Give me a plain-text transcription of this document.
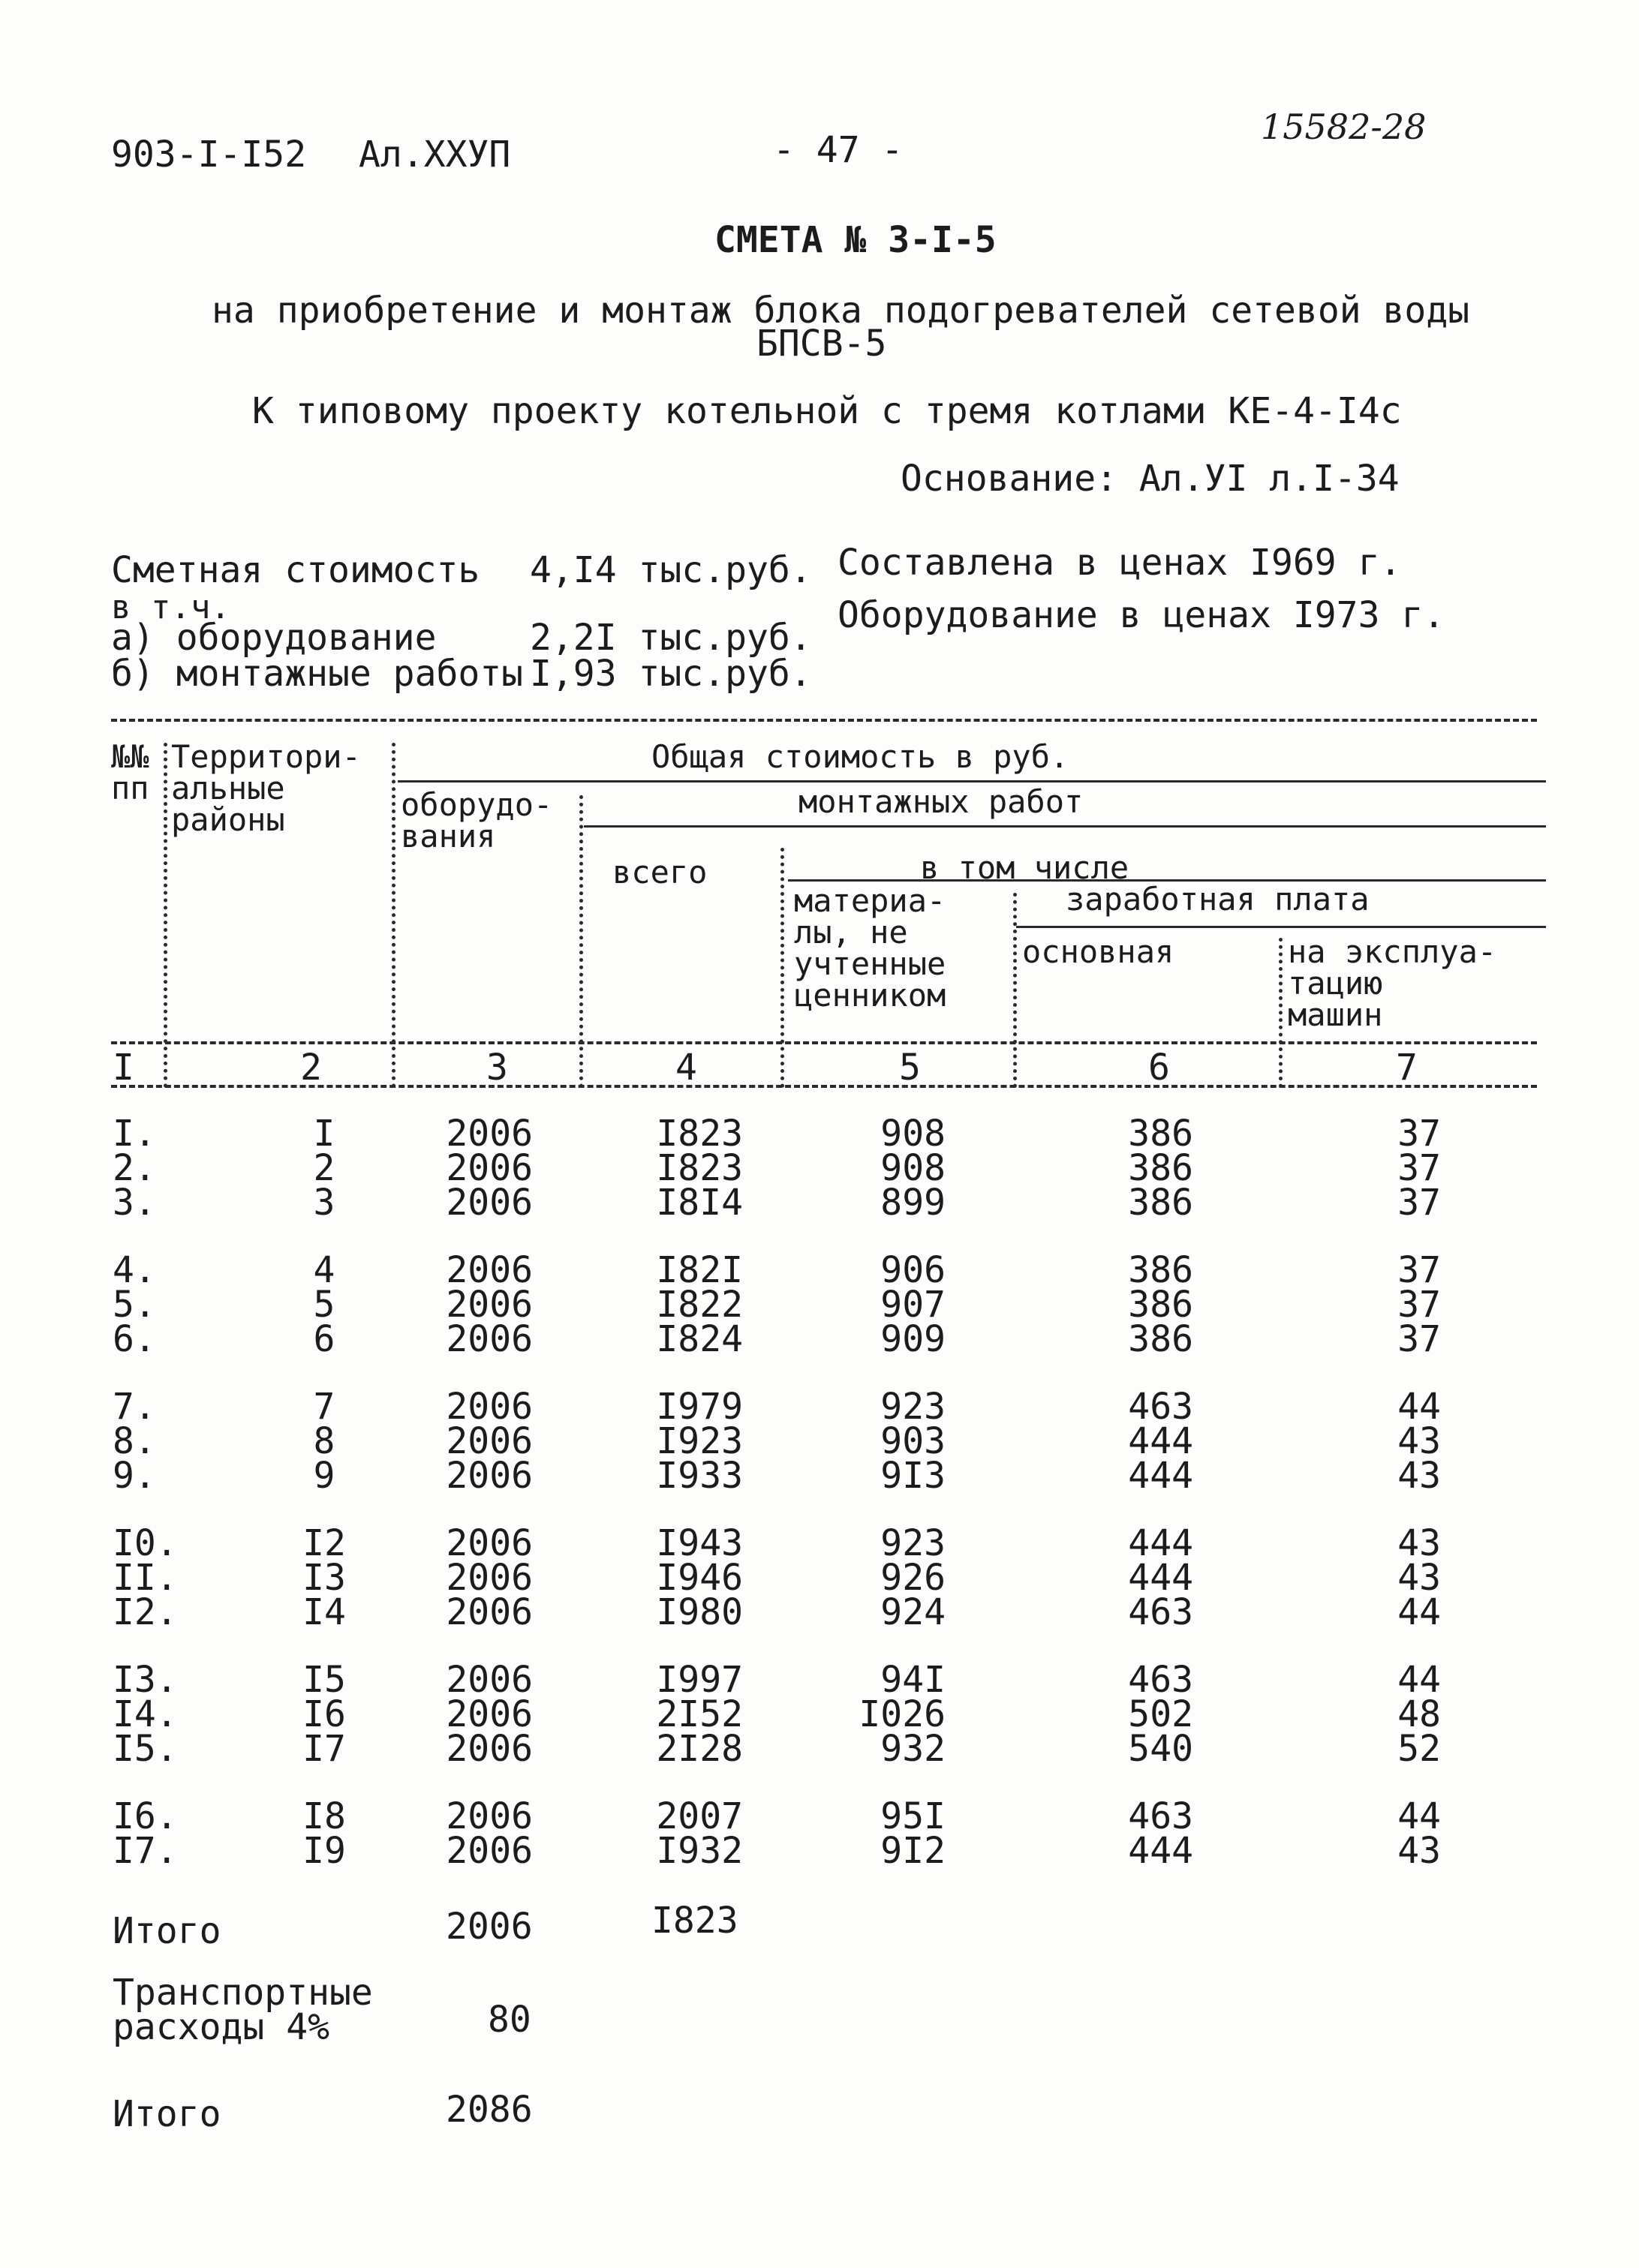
903-I-I52 Ал.XXУП	- 47 -
15582-28
СМЕТА № 3-I-5
на приобретение и монтаж блока подогревателей сетевой воды
БПСВ-5
К типовому проекту котельной с тремя котлами КЕ-4-I4с
Основание: Ал.УI л.I-34
Сметная стоимость 4,I4 тыс.руб. Составлена в ценах I969 г.
в т.ч.	Оборудование в ценах I973 г.
а) оборудование	2,2I тыс.руб.
б) монтажные работы I,93 тыс.руб.
№№
пп
Территори-
альные
районы
Общая стоимость в руб.
оборудо-
вания
монтажных работ
всего	в том числе
материа-
лы, не
учтенные
ценником
заработная плата
основная	на эксплуа-
тацию
машин
I	2	3	4	5	6	7
I.	I	2006	I823	908	386	37
2.	2	2006	I823	908	386	37
3.	3	2006	I8I4	899	386	37
4.	4	2006	I82I	906	386	37
5.	5	2006	I822	907	386	37
6.	6	2006	I824	909	386	37
7.	7	2006	I979	923	463	44
8.	8	2006	I923	903	444	43
9.	9	2006	I933	9I3	444	43
I0.	I2	2006	I943	923	444	43
II.	I3	2006	I946	926	444	43
I2.	I4	2006	I980	924	463	44
I3.	I5	2006	I997	94I	463	44
I4.	I6	2006	2I52	I026	502	48
I5.	I7	2006	2I28	932	540	52
I6.	I8	2006	2007	95I	463	44
I7.	I9	2006	I932	9I2	444	43
Итого	2006	I823
Транспортные
расходы 4%	80
Итого	2086
